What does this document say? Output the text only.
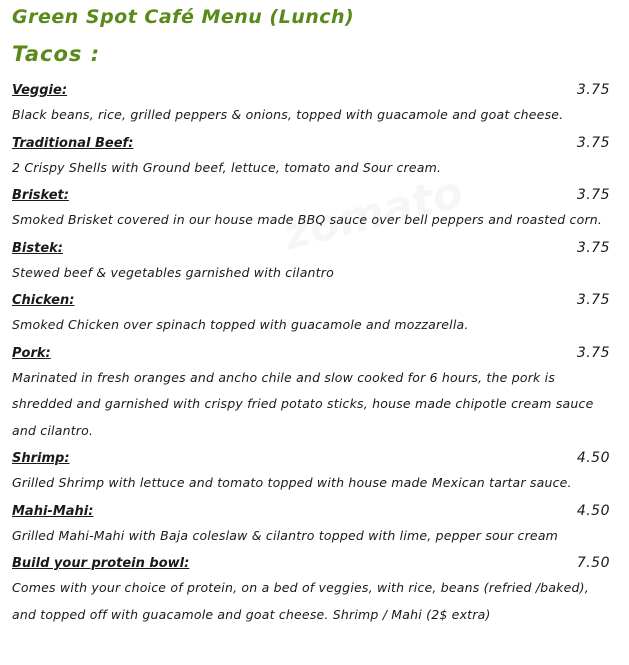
Green Spot Café Menu (Lunch)
Tacos :
Veggie:	3.75
Black beans, rice, grilled peppers & onions, topped with guacamole and goat cheese.
Traditional Beef:	3.75
2 Crispy Shells with Ground beef, lettuce, tomato and Sour cream.
Brisket:	3.75
Smoked Brisket covered in our house made BBQ sauce over bell peppers and roasted corn.
Bistek:	3.75
Stewed beef & vegetables garnished with cilantro
Chicken:	3.75
Smoked Chicken over spinach topped with guacamole and mozzarella.
Pork:	3.75
Marinated in fresh oranges and ancho chile and slow cooked for 6 hours, the pork is shredded and garnished with crispy fried potato sticks, house made chipotle cream sauce and cilantro.
Shrimp:	4.50
Grilled Shrimp with lettuce and tomato topped with house made Mexican tartar sauce.
Mahi-Mahi:	4.50
Grilled Mahi-Mahi with Baja coleslaw & cilantro topped with lime, pepper sour cream
Build your protein bowl:	7.50
Comes with your choice of protein, on a bed of veggies, with rice, beans (refried /baked), and topped off with guacamole and goat cheese. Shrimp / Mahi (2$ extra)
